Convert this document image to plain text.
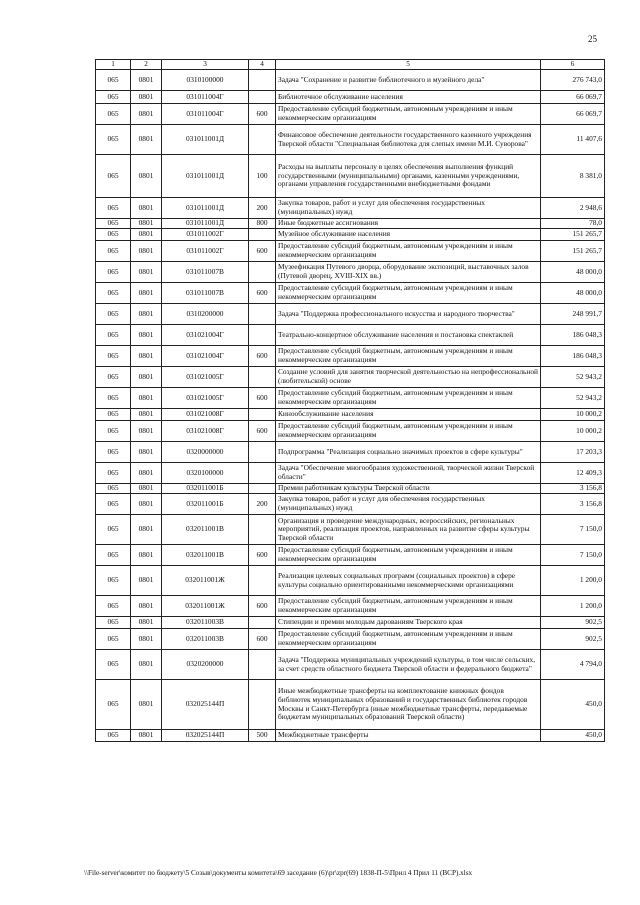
25
1	2	3	4	5	6
065	0801	0310100000		Задача "Сохранение и развитие библиотечного и музейного дела"	276 743,0
065	0801	031011004Г		Библиотечное обслуживание населения	66 069,7
065	0801	031011004Г	600	Предоставление субсидий бюджетным, автономным учреждениям и иным некоммерческим организациям	66 069,7
065	0801	031011001Д		Финансовое обеспечение деятельности государственного казенного учреждения Тверской области "Специальная библиотека для слепых имени М.И. Суворова"	11 407,6
065	0801	031011001Д	100	Расходы на выплаты персоналу в целях обеспечения выполнения функций государственными (муниципальными) органами, казенными учреждениями, органами управления государственными внебюджетными фондами	8 381,0
065	0801	031011001Д	200	Закупка товаров, работ и услуг для обеспечения государственных (муниципальных) нужд	2 948,6
065	0801	031011001Д	800	Иные бюджетные ассигнования	78,0
065	0801	031011002Г		Музейное обслуживание населения	151 265,7
065	0801	031011002Г	600	Предоставление субсидий бюджетным, автономным учреждениям и иным некоммерческим организациям	151 265,7
065	0801	031011007В		Музеефикация Путевого дворца, оборудование экспозиций, выставочных залов (Путевой дворец, XVIII-XIX вв.)	48 000,0
065	0801	031011007В	600	Предоставление субсидий бюджетным, автономным учреждениям и иным некоммерческим организациям	48 000,0
065	0801	0310200000		Задача "Поддержка профессионального искусства и народного творчества"	248 991,7
065	0801	031021004Г		Театрально-концертное обслуживание населения и постановка спектаклей	186 048,3
065	0801	031021004Г	600	Предоставление субсидий бюджетным, автономным учреждениям и иным некоммерческим организациям	186 048,3
065	0801	031021005Г		Создание условий для занятия творческой деятельностью на непрофессиональной (любительской) основе	52 943,2
065	0801	031021005Г	600	Предоставление субсидий бюджетным, автономным учреждениям и иным некоммерческим организациям	52 943,2
065	0801	031021008Г		Кинообслуживание населения	10 000,2
065	0801	031021008Г	600	Предоставление субсидий бюджетным, автономным учреждениям и иным некоммерческим организациям	10 000,2
065	0801	0320000000		Подпрограмма "Реализация социально значимых проектов в сфере культуры"	17 203,3
065	0801	0320100000		Задача "Обеспечение многообразия художественной, творческой жизни Тверской области"	12 409,3
065	0801	032011001Б		Премии работникам культуры Тверской области	3 156,8
065	0801	032011001Б	200	Закупка товаров, работ и услуг для обеспечения государственных (муниципальных) нужд	3 156,8
065	0801	032011001В		Организация и проведение международных, всероссийских, региональных мероприятий, реализация проектов, направленных на развитие сферы культуры Тверской области	7 150,0
065	0801	032011001В	600	Предоставление субсидий бюджетным, автономным учреждениям и иным некоммерческим организациям	7 150,0
065	0801	032011001Ж		Реализация целевых социальных программ (социальных проектов) в сфере культуры социально ориентированными некоммерческими организациями	1 200,0
065	0801	032011001Ж	600	Предоставление субсидий бюджетным, автономным учреждениям и иным некоммерческим организациям	1 200,0
065	0801	032011003В		Стипендии и премии молодым дарованиям Тверского края	902,5
065	0801	032011003В	600	Предоставление субсидий бюджетным, автономным учреждениям и иным некоммерческим организациям	902,5
065	0801	0320200000		Задача "Поддержка муниципальных учреждений культуры, в том числе сельских, за счет средств областного бюджета Тверской области и федерального бюджета"	4 794,0
065	0801	032025144П		Иные межбюджетные трансферты на комплектование книжных фондов библиотек муниципальных образований и государственных библиотек городов Москвы и Санкт-Петербурга (иные межбюджетные трансферты, передаваемые бюджетам муниципальных образований Тверской области)	450,0
065	0801	032025144П	500	Межбюджетные трансферты	450,0
\\File-server\комитет по бюджету\5 Созыв\документы комитета\69 заседание (6)\pr\zpr(69) 1838-П-5\Прил 4 Прил 11 (ВСР).xlsx
